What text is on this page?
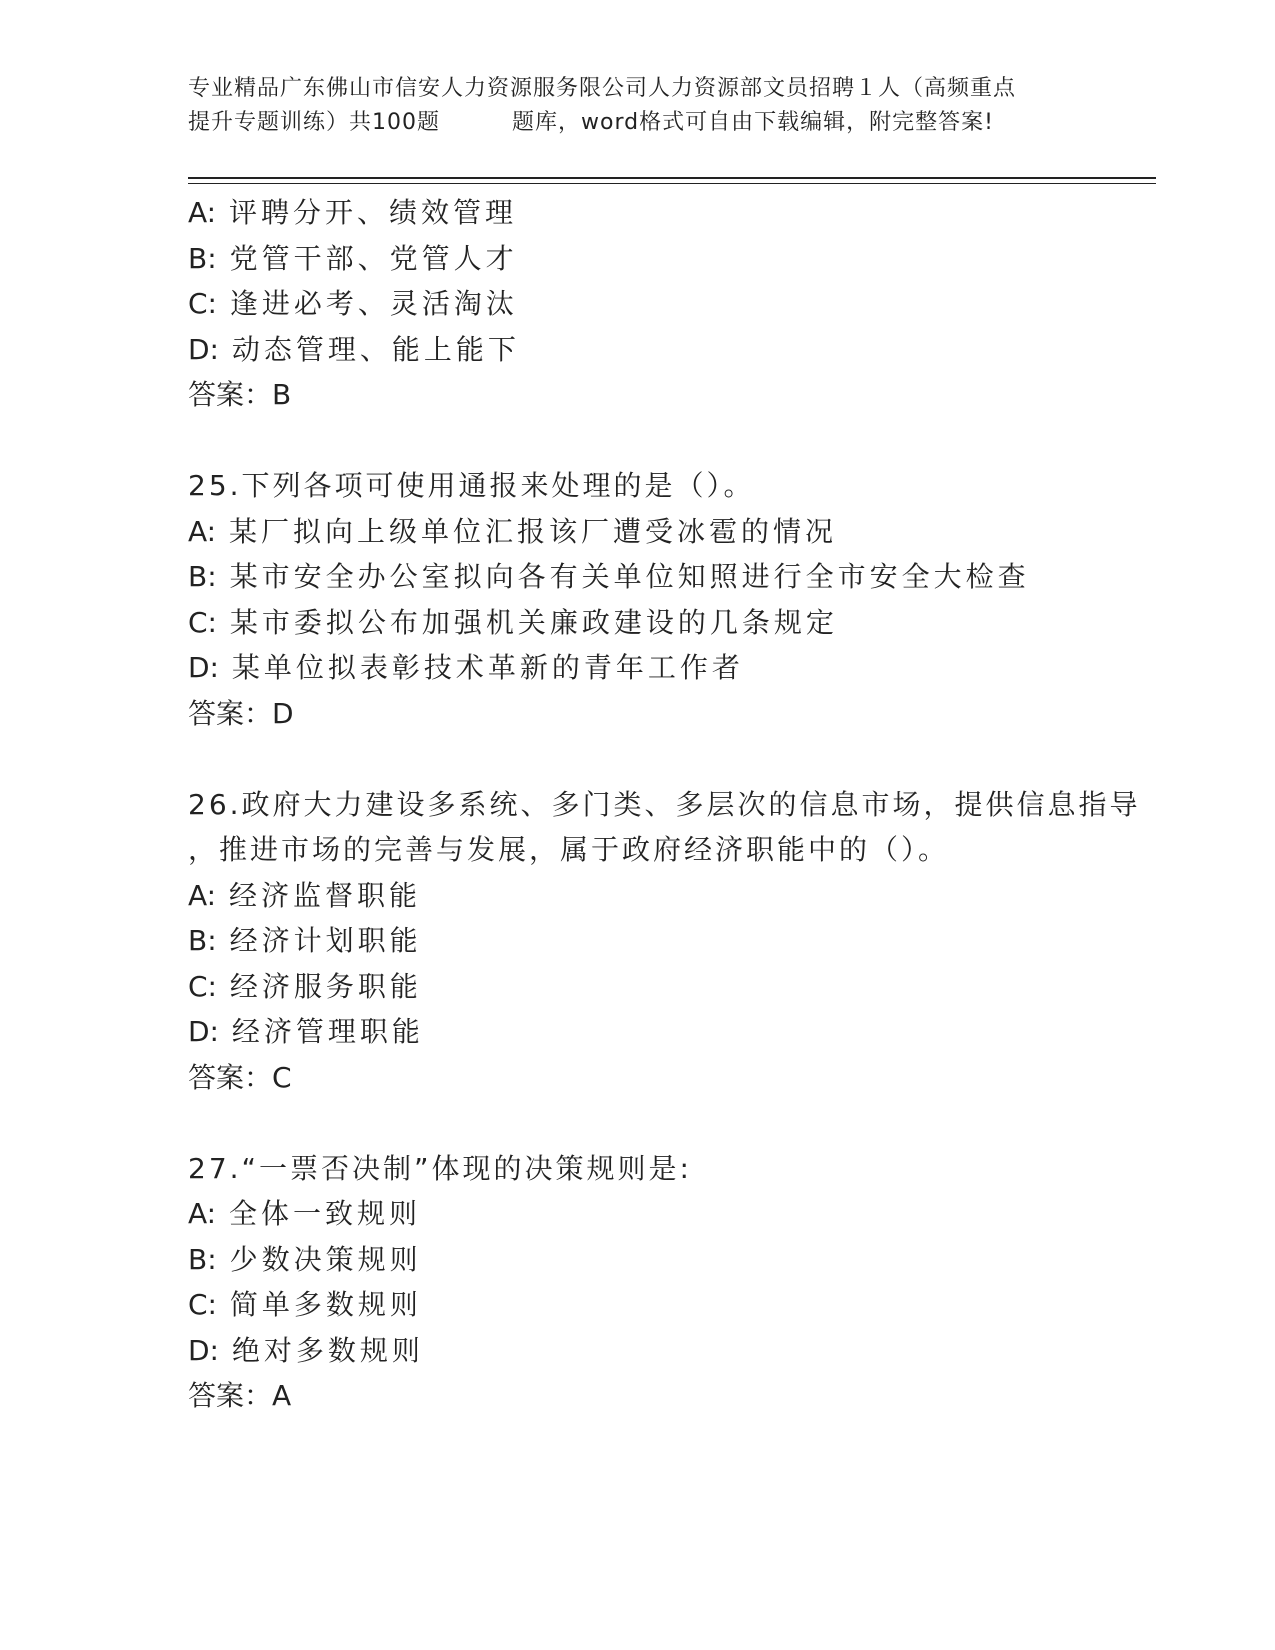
专业精品广东佛山市信安人力资源服务限公司人力资源部文员招聘１人（高频重点
提升专题训练）共100题	题库，word格式可自由下载编辑，附完整答案!
A: 评聘分开、绩效管理
B: 党管干部、党管人才
C: 逢进必考、灵活淘汰
D: 动态管理、能上能下
答案：B
25.下列各项可使用通报来处理的是（）。
A: 某厂拟向上级单位汇报该厂遭受冰雹的情况
B: 某市安全办公室拟向各有关单位知照进行全市安全大检查
C: 某市委拟公布加强机关廉政建设的几条规定
D: 某单位拟表彰技术革新的青年工作者
答案：D
26.政府大力建设多系统、多门类、多层次的信息市场，提供信息指导
，推进市场的完善与发展，属于政府经济职能中的（）。
A: 经济监督职能
B: 经济计划职能
C: 经济服务职能
D: 经济管理职能
答案：C
27.“一票否决制”体现的决策规则是:
A: 全体一致规则
B: 少数决策规则
C: 简单多数规则
D: 绝对多数规则
答案：A
